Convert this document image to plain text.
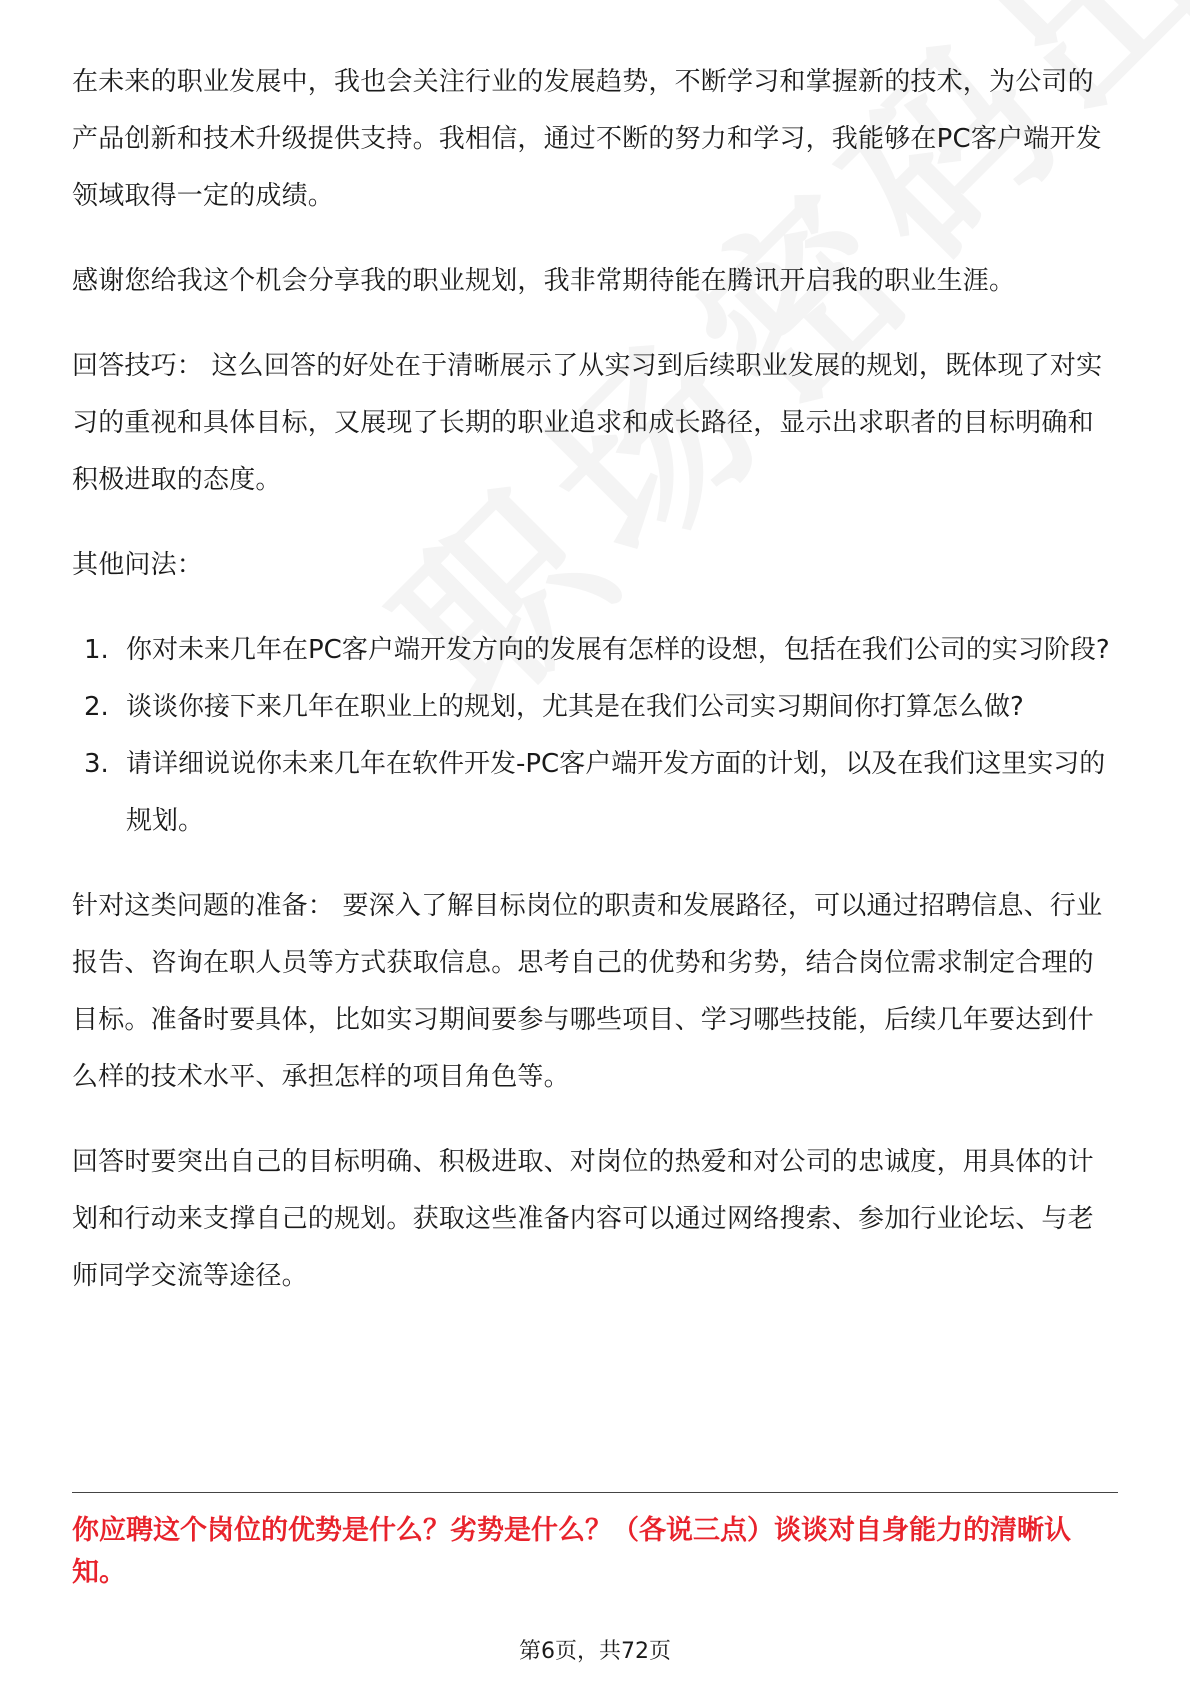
在未来的职业发展中，我也会关注行业的发展趋势，不断学习和掌握新的技术，为公司的产品创新和技术升级提供支持。我相信，通过不断的努力和学习，我能够在PC客户端开发领域取得一定的成绩。

感谢您给我这个机会分享我的职业规划，我非常期待能在腾讯开启我的职业生涯。

回答技巧： 这么回答的好处在于清晰展示了从实习到后续职业发展的规划，既体现了对实习的重视和具体目标，又展现了长期的职业追求和成长路径，显示出求职者的目标明确和积极进取的态度。

其他问法：

1. 你对未来几年在PC客户端开发方向的发展有怎样的设想，包括在我们公司的实习阶段?
2. 谈谈你接下来几年在职业上的规划，尤其是在我们公司实习期间你打算怎么做?
3. 请详细说说你未来几年在软件开发-PC客户端开发方面的计划，以及在我们这里实习的规划。

针对这类问题的准备： 要深入了解目标岗位的职责和发展路径，可以通过招聘信息、行业报告、咨询在职人员等方式获取信息。思考自己的优势和劣势，结合岗位需求制定合理的目标。准备时要具体，比如实习期间要参与哪些项目、学习哪些技能，后续几年要达到什么样的技术水平、承担怎样的项目角色等。

回答时要突出自己的目标明确、积极进取、对岗位的热爱和对公司的忠诚度，用具体的计划和行动来支撑自己的规划。获取这些准备内容可以通过网络搜索、参加行业论坛、与老师同学交流等途径。

你应聘这个岗位的优势是什么？劣势是什么？（各说三点）谈谈对自身能力的清晰认知。

第6页，共72页
